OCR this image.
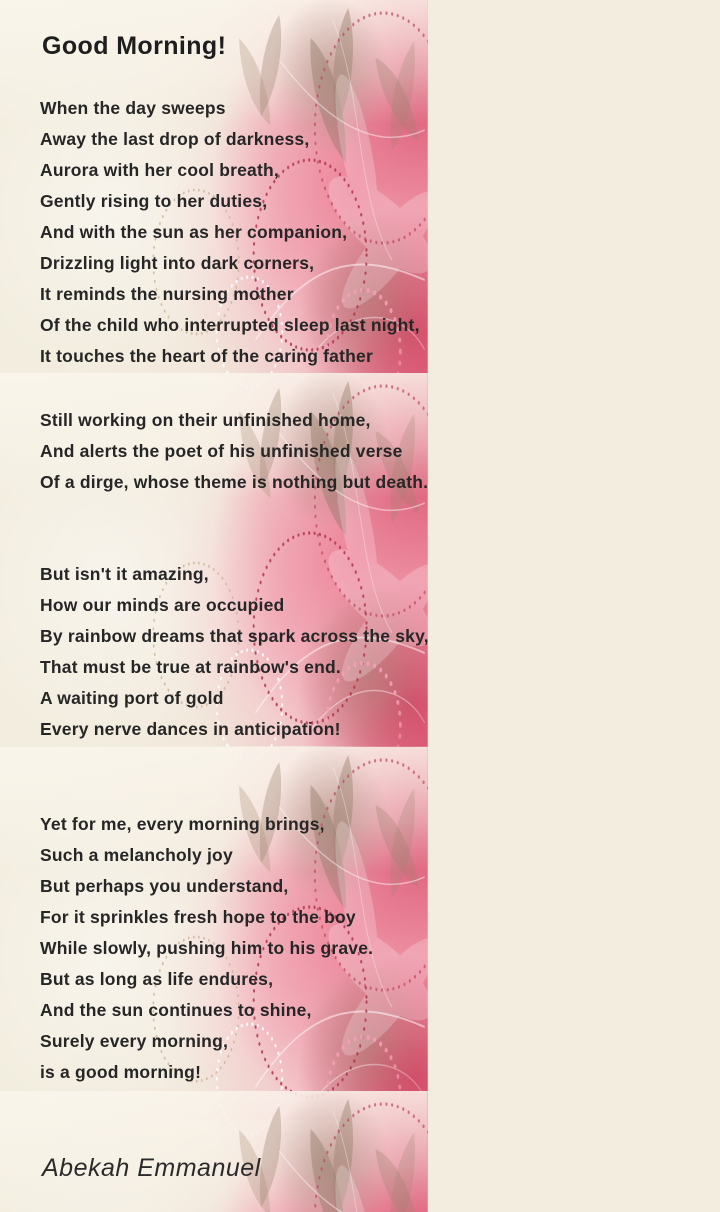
Good Morning!
When the day sweeps
Away the last drop of darkness,
Aurora with her cool breath,
Gently rising to her duties,
And with the sun as her companion,
Drizzling light into dark corners,
It reminds the nursing mother
Of the child who interrupted sleep last night,
It touches the heart of the caring father
Still working on their unfinished home,
And alerts the poet of his unfinished verse
Of a dirge, whose theme is nothing but death.
But isn't it amazing,
How our minds are occupied
By rainbow dreams that spark across the sky,
That must be true at rainbow's end.
A waiting port of gold
Every nerve dances in anticipation!
Yet for me, every morning brings,
Such a melancholy joy
But perhaps you understand,
For it sprinkles fresh hope to the boy
While slowly, pushing him to his grave.
But as long as life endures,
And the sun continues to shine,
Surely every morning,
is a good morning!
Abekah Emmanuel
